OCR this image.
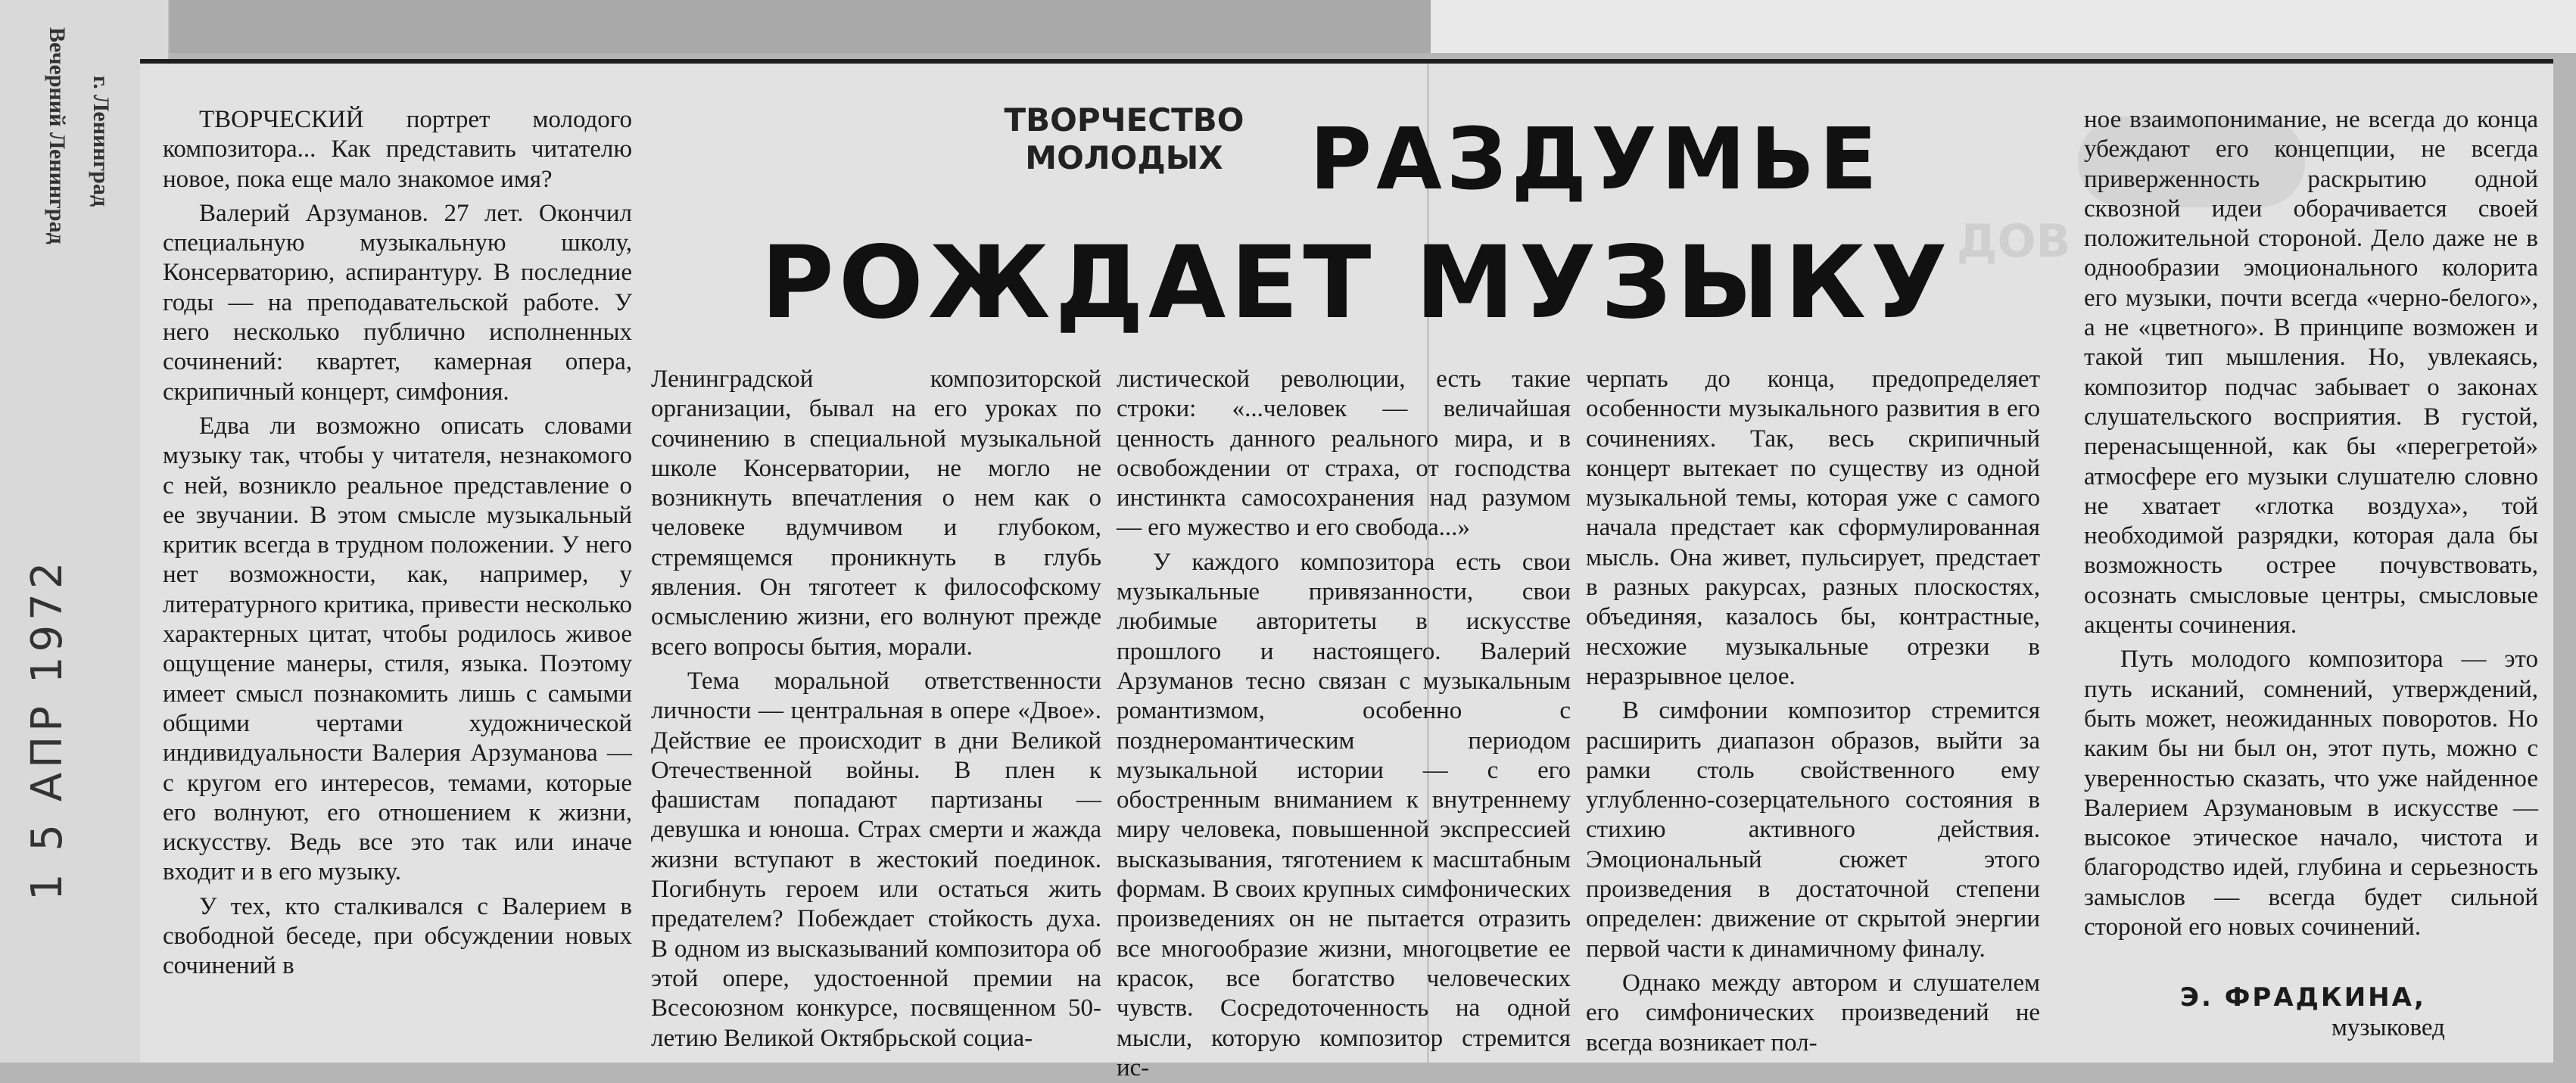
Вечерний Ленинград г. Ленинград
1 5 АПР 1972
ДОВ
ТВОРЧЕСТВО
МОЛОДЫХ	РАЗДУМЬЕ
РОЖДАЕТ МУЗЫКУ

ТВОРЧЕСКИЙ портрет молодого композитора... Как представить читателю новое, пока еще мало знакомое имя?

Валерий Арзуманов. 27 лет. Окончил специальную музыкальную школу, Консерваторию, аспирантуру. В последние годы — на преподавательской работе. У него несколько публично исполненных сочинений: квартет, камерная опера, скрипичный концерт, симфония.

Едва ли возможно описать словами музыку так, чтобы у читателя, незнакомого с ней, возникло реальное представление о ее звучании. В этом смысле музыкальный критик всегда в трудном положении. У него нет возможности, как, например, у литературного критика, привести несколько характерных цитат, чтобы родилось живое ощущение манеры, стиля, языка. Поэтому имеет смысл познакомить лишь с самыми общими чертами художнической индивидуальности Валерия Арзуманова — с кругом его интересов, темами, которые его волнуют, его отношением к жизни, искусству. Ведь все это так или иначе входит и в его музыку.

У тех, кто сталкивался с Валерием в свободной беседе, при обсуждении новых сочинений в

Ленинградской композиторской организации, бывал на его уроках по сочинению в специальной музыкальной школе Консерватории, не могло не возникнуть впечатления о нем как о человеке вдумчивом и глубоком, стремящемся проникнуть в глубь явления. Он тяготеет к философскому осмыслению жизни, его волнуют прежде всего вопросы бытия, морали.

Тема моральной ответственности личности — центральная в опере «Двое». Действие ее происходит в дни Великой Отечественной войны. В плен к фашистам попадают партизаны — девушка и юноша. Страх смерти и жажда жизни вступают в жестокий поединок. Погибнуть героем или остаться жить предателем? Побеждает стойкость духа. В одном из высказываний композитора об этой опере, удостоенной премии на Всесоюзном конкурсе, посвященном 50-летию Великой Октябрьской социа-

листической революции, есть такие строки: «...человек — величайшая ценность данного реального мира, и в освобождении от страха, от господства инстинкта самосохранения над разумом — его мужество и его свобода...»

У каждого композитора есть свои музыкальные привязанности, свои любимые авторитеты в искусстве прошлого и настоящего. Валерий Арзуманов тесно связан с музыкальным романтизмом, особенно с позднеромантическим периодом музыкальной истории — с его обостренным вниманием к внутреннему миру человека, повышенной экспрессией высказывания, тяготением к масштабным формам. В своих крупных симфонических произведениях он не пытается отразить все многообразие жизни, многоцветие ее красок, все богатство человеческих чувств. Сосредоточенность на одной мысли, которую композитор стремится ис-

черпать до конца, предопределяет особенности музыкального развития в его сочинениях. Так, весь скрипичный концерт вытекает по существу из одной музыкальной темы, которая уже с самого начала предстает как сформулированная мысль. Она живет, пульсирует, предстает в разных ракурсах, разных плоскостях, объединяя, казалось бы, контрастные, несхожие музыкальные отрезки в неразрывное целое.

В симфонии композитор стремится расширить диапазон образов, выйти за рамки столь свойственного ему углубленно-созерцательного состояния в стихию активного действия. Эмоциональный сюжет этого произведения в достаточной степени определен: движение от скрытой энергии первой части к динамичному финалу.

Однако между автором и слушателем его симфонических произведений не всегда возникает пол-

ное взаимопонимание, не всегда до конца убеждают его концепции, не всегда приверженность раскрытию одной сквозной идеи оборачивается своей положительной стороной. Дело даже не в однообразии эмоционального колорита его музыки, почти всегда «черно-белого», а не «цветного». В принципе возможен и такой тип мышления. Но, увлекаясь, композитор подчас забывает о законах слушательского восприятия. В густой, перенасыщенной, как бы «перегретой» атмосфере его музыки слушателю словно не хватает «глотка воздуха», той необходимой разрядки, которая дала бы возможность острее почувствовать, осознать смысловые центры, смысловые акценты сочинения.

Путь молодого композитора — это путь исканий, сомнений, утверждений, быть может, неожиданных поворотов. Но каким бы ни был он, этот путь, можно с уверенностью сказать, что уже найденное Валерием Арзумановым в искусстве — высокое этическое начало, чистота и благородство идей, глубина и серьезность замыслов — всегда будет сильной стороной его новых сочинений.

Э. ФРАДКИНА,
музыковед
